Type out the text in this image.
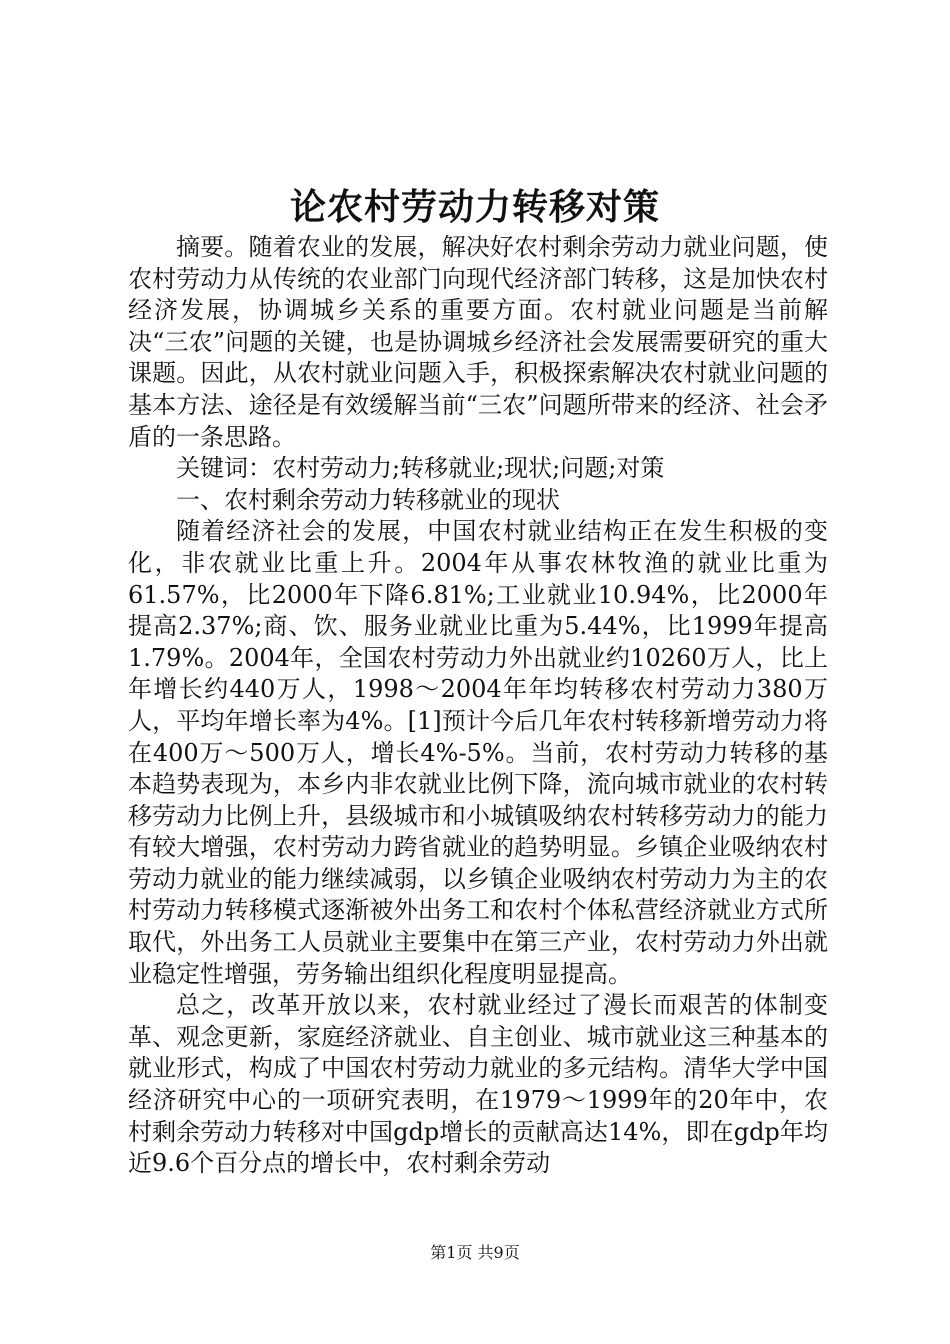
论农村劳动力转移对策

摘要。随着农业的发展，解决好农村剩余劳动力就业问题，使农村劳动力从传统的农业部门向现代经济部门转移，这是加快农村经济发展，协调城乡关系的重要方面。农村就业问题是当前解决“三农”问题的关键，也是协调城乡经济社会发展需要研究的重大课题。因此，从农村就业问题入手，积极探索解决农村就业问题的基本方法、途径是有效缓解当前“三农”问题所带来的经济、社会矛盾的一条思路。

关键词：农村劳动力;转移就业;现状;问题;对策

一、农村剩余劳动力转移就业的现状

随着经济社会的发展，中国农村就业结构正在发生积极的变化，非农就业比重上升。2004年从事农林牧渔的就业比重为61.57%，比2000年下降6.81%;工业就业10.94%，比2000年提高2.37%;商、饮、服务业就业比重为5.44%，比1999年提高1.79%。2004年，全国农村劳动力外出就业约10260万人，比上年增长约440万人，1998～2004年年均转移农村劳动力380万人，平均年增长率为4%。[1]预计今后几年农村转移新增劳动力将在400万～500万人，增长4%-5%。当前，农村劳动力转移的基本趋势表现为，本乡内非农就业比例下降，流向城市就业的农村转移劳动力比例上升，县级城市和小城镇吸纳农村转移劳动力的能力有较大增强，农村劳动力跨省就业的趋势明显。乡镇企业吸纳农村劳动力就业的能力继续减弱，以乡镇企业吸纳农村劳动力为主的农村劳动力转移模式逐渐被外出务工和农村个体私营经济就业方式所取代，外出务工人员就业主要集中在第三产业，农村劳动力外出就业稳定性增强，劳务输出组织化程度明显提高。

总之，改革开放以来，农村就业经过了漫长而艰苦的体制变革、观念更新，家庭经济就业、自主创业、城市就业这三种基本的就业形式，构成了中国农村劳动力就业的多元结构。清华大学中国经济研究中心的一项研究表明，在1979～1999年的20年中，农村剩余劳动力转移对中国gdp增长的贡献高达14%，即在gdp年均近9.6个百分点的增长中，农村剩余劳动

第1页 共9页
